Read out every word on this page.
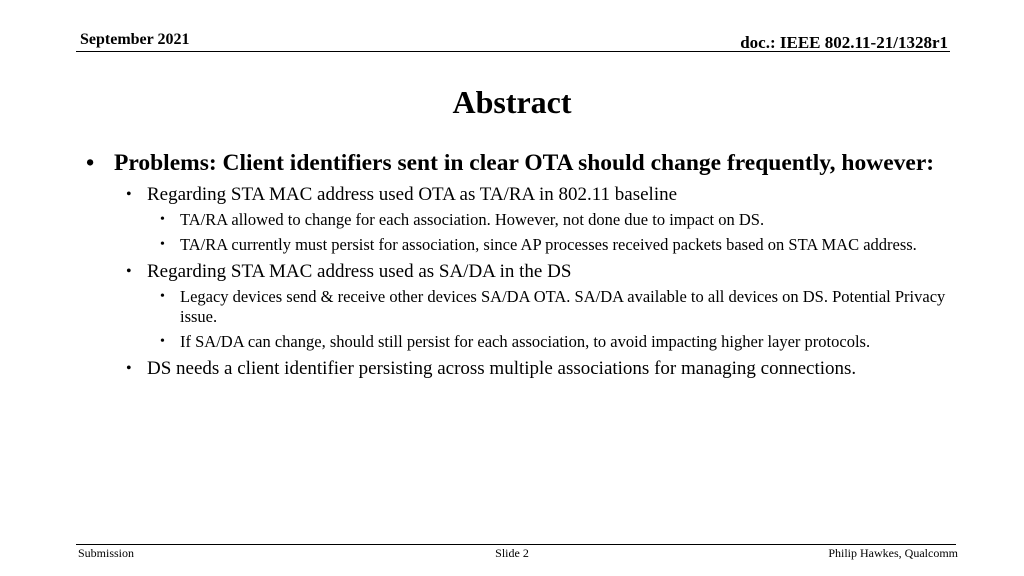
September 2021	doc.: IEEE 802.11-21/1328r1
Abstract
• Problems: Client identifiers sent in clear OTA should change frequently, however:
• Regarding STA MAC address used OTA as TA/RA in 802.11 baseline
• TA/RA allowed to change for each association. However, not done due to impact on DS.
• TA/RA currently must persist for association, since AP processes received packets based on STA MAC address.
• Regarding STA MAC address used as SA/DA in the DS
• Legacy devices send & receive other devices SA/DA OTA. SA/DA available to all devices on DS. Potential Privacy issue.
• If SA/DA can change, should still persist for each association, to avoid impacting higher layer protocols.
• DS needs a client identifier persisting across multiple associations for managing connections.
Submission	Slide 2	Philip Hawkes, Qualcomm
